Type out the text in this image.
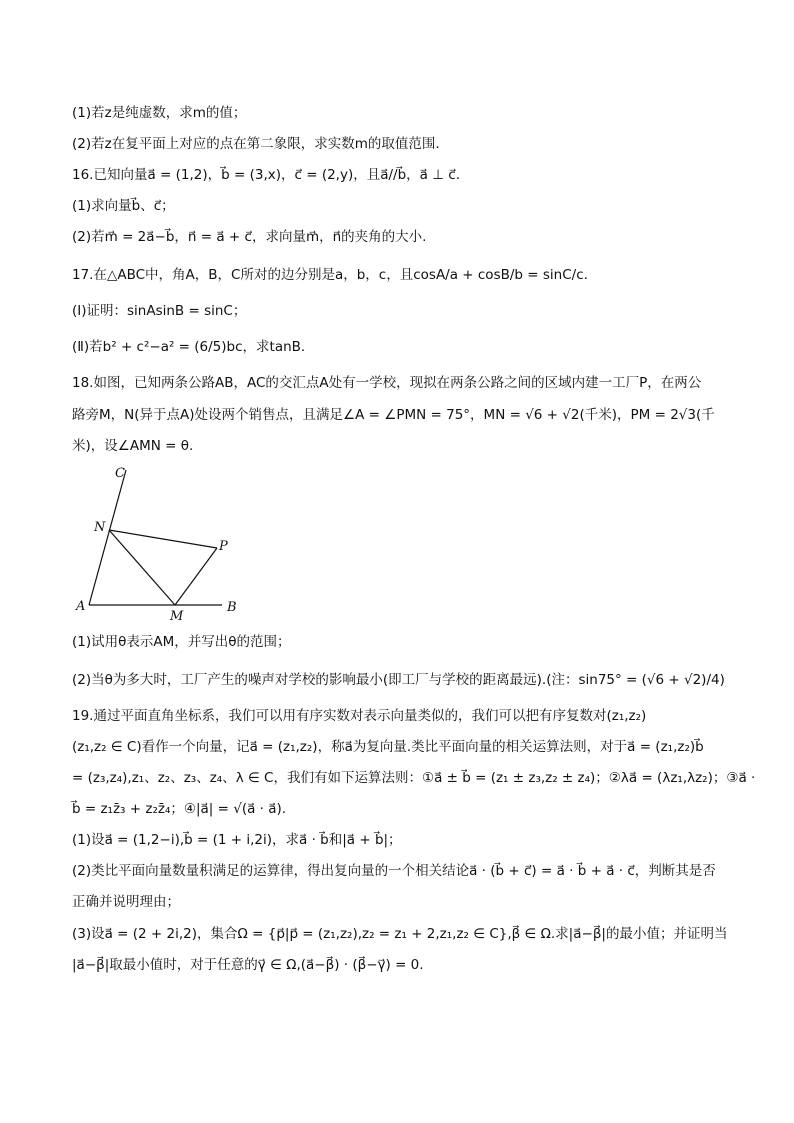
(1)若z是纯虚数，求m的值；
(2)若z在复平面上对应的点在第二象限，求实数m的取值范围.
16.已知向量a⃗ = (1,2)，b⃗ = (3,x)，c⃗ = (2,y)，且a⃗//b⃗，a⃗ ⊥ c⃗.
(1)求向量b⃗、c⃗；
(2)若m⃗ = 2a⃗−b⃗，n⃗ = a⃗ + c⃗，求向量m⃗，n⃗的夹角的大小.
17.在△ABC中，角A，B，C所对的边分别是a，b，c，且cosA/a + cosB/b = sinC/c.
(Ⅰ)证明：sinAsinB = sinC；
(Ⅱ)若b² + c²−a² = (6/5)bc，求tanB.
18.如图，已知两条公路AB，AC的交汇点A处有一学校，现拟在两条公路之间的区域内建一工厂P，在两公
路旁M，N(异于点A)处设两个销售点，且满足∠A = ∠PMN = 75°，MN = √6 + √2(千米)，PM = 2√3(千
米)，设∠AMN = θ.
C
N
P
A
M
B
(1)试用θ表示AM，并写出θ的范围；
(2)当θ为多大时，工厂产生的噪声对学校的影响最小(即工厂与学校的距离最远).(注：sin75° = (√6 + √2)/4)
19.通过平面直角坐标系，我们可以用有序实数对表示向量类似的，我们可以把有序复数对(z₁,z₂)
(z₁,z₂ ∈ C)看作一个向量，记a⃗ = (z₁,z₂)，称a⃗为复向量.类比平面向量的相关运算法则，对于a⃗ = (z₁,z₂)b⃗
= (z₃,z₄),z₁、z₂、z₃、z₄、λ ∈ C，我们有如下运算法则：①a⃗ ± b⃗ = (z₁ ± z₃,z₂ ± z₄)；②λa⃗ = (λz₁,λz₂)；③a⃗ ·
b⃗ = z₁z̄₃ + z₂z̄₄；④|a⃗| = √(a⃗ · a⃗).
(1)设a⃗ = (1,2−i),b⃗ = (1 + i,2i)，求a⃗ · b⃗和|a⃗ + b⃗|；
(2)类比平面向量数量积满足的运算律，得出复向量的一个相关结论a⃗ · (b⃗ + c⃗) = a⃗ · b⃗ + a⃗ · c⃗，判断其是否
正确并说明理由；
(3)设a⃗ = (2 + 2i,2)，集合Ω = {p⃗|p⃗ = (z₁,z₂),z₂ = z₁ + 2,z₁,z₂ ∈ C},β⃗ ∈ Ω.求|a⃗−β⃗|的最小值；并证明当
|a⃗−β⃗|取最小值时，对于任意的γ⃗ ∈ Ω,(a⃗−β⃗) · (β⃗−γ⃗) = 0.
